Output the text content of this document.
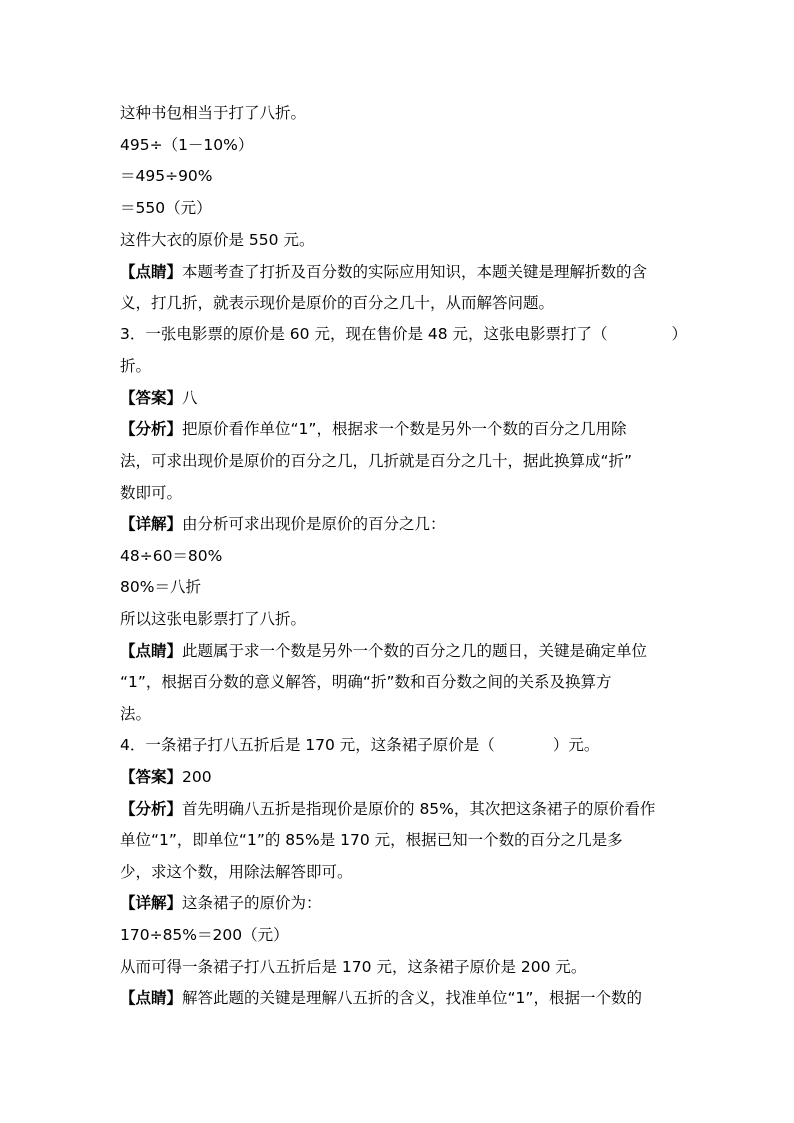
这种书包相当于打了八折。
495÷（1－10%）
＝495÷90%
＝550（元）
这件大衣的原价是 550 元。
【点睛】本题考查了打折及百分数的实际应用知识，本题关键是理解折数的含
义，打几折，就表示现价是原价的百分之几十，从而解答问题。
3．一张电影票的原价是 60 元，现在售价是 48 元，这张电影票打了（	）
折。
【答案】八
【分析】把原价看作单位“1”，根据求一个数是另外一个数的百分之几用除
法，可求出现价是原价的百分之几，几折就是百分之几十，据此换算成“折”
数即可。
【详解】由分析可求出现价是原价的百分之几：
48÷60＝80%
80%＝八折
所以这张电影票打了八折。
【点睛】此题属于求一个数是另外一个数的百分之几的题日，关键是确定单位
“1”，根据百分数的意义解答，明确“折”数和百分数之间的关系及换算方
法。
4．一条裙子打八五折后是 170 元，这条裙子原价是（	）元。
【答案】200
【分析】首先明确八五折是指现价是原价的 85%，其次把这条裙子的原价看作
单位“1”，即单位“1”的 85%是 170 元，根据已知一个数的百分之几是多
少，求这个数，用除法解答即可。
【详解】这条裙子的原价为：
170÷85%＝200（元）
从而可得一条裙子打八五折后是 170 元，这条裙子原价是 200 元。
【点睛】解答此题的关键是理解八五折的含义，找准单位“1”，根据一个数的
